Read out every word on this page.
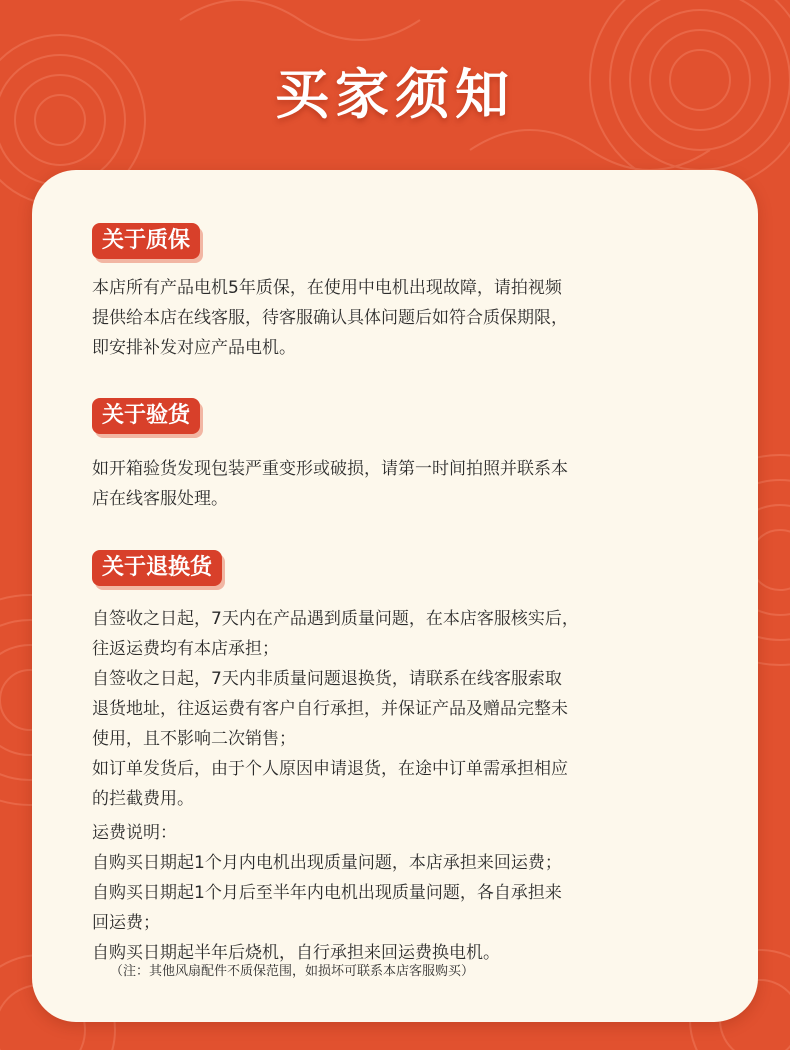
买家须知
关于质保
本店所有产品电机5年质保，在使用中电机出现故障，请拍视频
提供给本店在线客服，待客服确认具体问题后如符合质保期限，
即安排补发对应产品电机。
关于验货
如开箱验货发现包装严重变形或破损，请第一时间拍照并联系本
店在线客服处理。
关于退换货
自签收之日起，7天内在产品遇到质量问题，在本店客服核实后，
往返运费均有本店承担；
自签收之日起，7天内非质量问题退换货，请联系在线客服索取
退货地址，往返运费有客户自行承担，并保证产品及赠品完整未
使用，且不影响二次销售；
如订单发货后，由于个人原因申请退货，在途中订单需承担相应
的拦截费用。
运费说明：
自购买日期起1个月内电机出现质量问题，本店承担来回运费；
自购买日期起1个月后至半年内电机出现质量问题，各自承担来
回运费；
自购买日期起半年后烧机，自行承担来回运费换电机。
（注：其他风扇配件不质保范围，如损坏可联系本店客服购买）
